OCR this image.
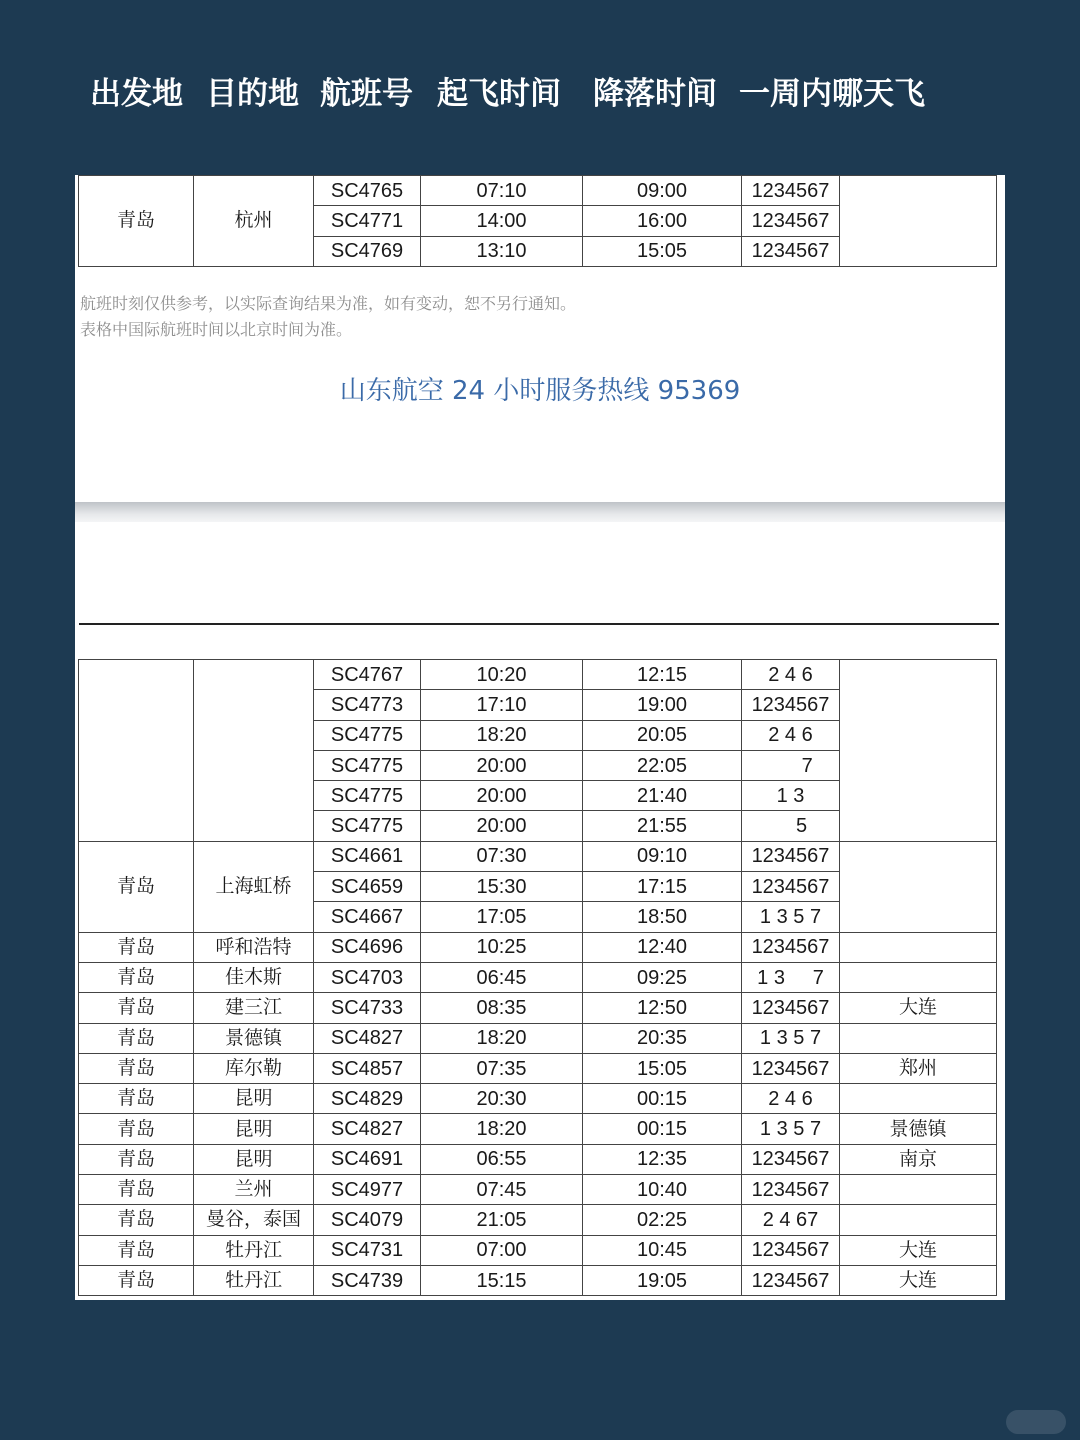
出发地 目的地 航班号 起飞时间 降落时间 一周内哪天飞
青岛	杭州	SC4765	07:10	09:00	1234567	
		SC4771	14:00	16:00	1234567	
		SC4769	13:10	15:05	1234567	
航班时刻仅供参考，以实际查询结果为准，如有变动，恕不另行通知。
表格中国际航班时间以北京时间为准。
山东航空 24 小时服务热线 95369
		SC4767	10:20	12:15	2 4 6	
		SC4773	17:10	19:00	1234567	
		SC4775	18:20	20:05	2 4 6	
		SC4775	20:00	22:05	7	
		SC4775	20:00	21:40	1 3	
		SC4775	20:00	21:55	5	
青岛	上海虹桥	SC4661	07:30	09:10	1234567	
		SC4659	15:30	17:15	1234567	
		SC4667	17:05	18:50	1 3 5 7	
青岛	呼和浩特	SC4696	10:25	12:40	1234567	
青岛	佳木斯	SC4703	06:45	09:25	1 3     7	
青岛	建三江	SC4733	08:35	12:50	1234567	大连
青岛	景德镇	SC4827	18:20	20:35	1 3 5 7	
青岛	库尔勒	SC4857	07:35	15:05	1234567	郑州
青岛	昆明	SC4829	20:30	00:15	2 4 6	
青岛	昆明	SC4827	18:20	00:15	1 3 5 7	景德镇
青岛	昆明	SC4691	06:55	12:35	1234567	南京
青岛	兰州	SC4977	07:45	10:40	1234567	
青岛	曼谷，泰国	SC4079	21:05	02:25	2 4 67	
青岛	牡丹江	SC4731	07:00	10:45	1234567	大连
青岛	牡丹江	SC4739	15:15	19:05	1234567	大连
